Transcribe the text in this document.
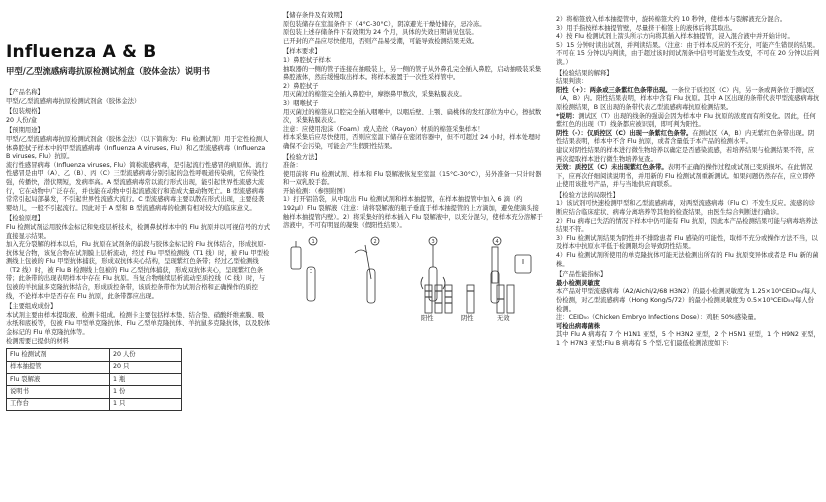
Influenza A & B
甲型/乙型流感病毒抗原检测试剂盒（胶体金法）说明书

【产品名称】

甲型/乙型流感病毒抗原检测试剂盒（胶体金法）

【包装规格】

20 人份/盒

【预期用途】

甲型/乙型流感病毒抗原检测试剂盒（胶体金法）（以下简称为：Flu 检测试剂）用于定性检测人体鼻腔拭子样本中的甲型流感病毒（Influenza A viruses, Flu）和乙型流感病毒（Influenza B viruses, Flu）抗原。

流行性感冒病毒（Influenza viruses, Flu）简称流感病毒，是引起流行性感冒的病原体。流行性感冒是由甲（A）、乙（B）、丙（C）三型流感病毒分别引起的急性呼吸道传染病，它传染性强，传播快，潜伏期短，发病率高。A 型流感病毒常以流行形式出现，能引起世界性流感大流行，它在动物中广泛存在，并也能在动物中引起流感流行和造成大量动物死亡。B 型流感病毒常常引起局部暴发，不引起世界性流感大流行。C 型流感病毒主要以散在形式出现，主要侵袭婴幼儿，一般不引起流行。因此对于 A 型和 B 型流感病毒的检测有相对较大的临床意义。

【检验原理】

Flu 检测试剂运用胶体金标记和免疫层析技术，检测鼻拭样本中的 Flu 抗原并以可视信号的方式直接显示结果。

加入充分裂解的样本以后，Flu 抗原在试剂条的前段与胶体金标记的 Flu 抗体结合，形成抗原-抗体复合物，该复合物在试剂膜上层析流动，经过 Flu 甲型检测线（T1 线）时，被 Flu 甲型检测线上包被的 Flu 甲型抗体捕获，形成双抗体夹心结构，呈现紫红色条带；经过乙型检测线（T2 线）时，被 Flu B 检测线上包被的 Flu 乙型抗体捕获，形成双抗体夹心，呈现紫红色条带；此条带的出现表明样本中存在 Flu 抗原。当复合物继续层析流动至质控线（C 线）时，与包被的羊抗鼠多克隆抗体结合，形成质控条带，该质控条带作为试剂合格和正确操作的质控线，不论样本中是否存在 Flu 抗原，此条带都应出现。

【主要组成成份】

本试剂主要由样本提取液、检测卡组成。检测卡主要包括样本垫、结合垫、硝酸纤维素膜、吸水纸和底板等，包被 Flu 甲型单克隆抗体、Flu 乙型单克隆抗体、羊抗鼠多克隆抗体，以及胶体金标记的 Flu 单克隆抗体等。

检测需要已提供的材料

Flu 检测试剂	20 人份
样本抽提管	20 只
Flu 裂解液	1 瓶
说明书	1 份
工作台	1 只

【储存条件及有效期】

原包装储存在室温条件下（4°C-30°C），阴凉避光干燥处储存，忌冷冻。

原包装上述存储条件下有效期为 24 个月，具体的失效日期请见包装。

已开封的产品应尽快使用，否则产品易受潮，可能导致检测结果无效。

【样本要求】

1）鼻腔拭子样本

抽取器的一侧的管子连接在抽吸装上，另一侧的管子从外鼻孔完全插入鼻腔，启动抽吸装采集鼻腔液体，然后缓慢取出样本。将样本液置于一次性采样管中。

2）鼻腔拭子

用灭菌过的棉签完全插入鼻腔中，摩擦鼻甲数次，采集粘膜表皮。

3）咽喉拭子

用灭菌过的棉签从口腔完全插入咽喉中，以咽后壁、上颚、扁桃体的发红部位为中心，擦拭数次，采集粘膜表皮。

注意：应使用泡沫（Foam）或人造丝（Rayon）材质的棉签采集样本！

样本采集后应尽快使用，否则应室温下储存在密闭容器中，但不可超过 24 小时，样本处理时确保不会污染，可能会产生假阳性结果。

【检验方法】

准备：

使用前将 Flu 检测试剂、样本和 Flu 裂解液恢复至室温（15°C-30°C），另外准备一只计时器和一双乳胶手套。

开始检测：（参照附图）

1）打开铝箔袋，从中取出 Flu 检测试剂和样本抽提管，在样本抽提管中加入 6 滴（约 192μl）Flu 裂解液（注意：请将裂解液的瓶子垂直于样本抽提管的上方滴加，避免使滴头接触样本抽提管内壁）。2）将采集好的样本插入 Flu 裂解液中，以充分混匀，使样本充分溶解于溶液中，不可有明显的凝集（假阳性结果）。

1	2	3	4
阳性	阴性	无效

2）将棉签放入样本抽提管中，旋转棉签大约 10 秒钟，使样本与裂解液充分混合。

3）用手指按样本抽提管壁，尽量挤干棉签上的液体后将其取出。

4）按 Flu 检测试剂上箭头所示方向将其插入样本抽提管，浸入混合液中并开始计时。

5）15 分钟时读出试剂，并判读结果。（注意：由于样本反应的不充分，可能产生错误的结果。不可在 15 分钟以内判读，由于超过该时间试剂条中信号可能发生改变，不可在 20 分钟以后判读。）

【检验结果的解释】

结果判读：

阳性（+）：两条或三条紫红色条带出现。一条位于质控区（C）内，另一条或两条位于测试区（A，B）内。阳性结果表明，样本中含有 Flu 抗原。其中 A 区出现的条带代表甲型流感病毒抗原检测结果，B 区出现的条带代表乙型流感病毒抗原检测结果。

*说明：测试区（T）出现的线条的强弱会因为样本中 Flu 抗原的浓度而有所变化。因此，任何紫红色的出现（T）线条都应被识别，即可判为阳性。

阴性（-）：仅质控区（C）出现一条紫红色条带。在测试区（A，B）内无紫红色条带出现。阴性结果表明，样本中不含 Flu 抗原，或者含量低于本产品的检测水平。

建议对阴性结果的样本进行微生物培养以确定是否感染流感，若培养结果与检测结果不符，应再次提取样本进行微生物培养复查。

无效：质控区（C）未出现紫红色条带。表明不正确的操作过程或试剂已变质损坏。在此情况下，应再次仔细阅读说明书，并用新的 Flu 检测试剂重新测试。如果问题仍然存在，应立即停止使用该批号产品，并与当地供应商联系。

【检验方法的局限性】

1）该试剂可快速检测甲型和乙型流感病毒，对两型流感病毒（Flu C）不发生反应。流感的诊断应结合临床症状、病毒分离培养等其他的检查结果，由医生综合判断进行确诊。

2）Flu 病毒已失活的情况下样本中仍可能有 Flu 抗原，因此本产品检测结果可能与病毒培养法结果不符。

3）Flu 检测试剂结果为阴性并不排除患者 Flu 感染的可能性，取样不充分或操作方法不当，以及样本中抗原水平低于检测限均会导致阴性结果。

4）Flu 检测试剂所使用的单克隆抗体可能无法检测出所有的 Flu 抗原变异体或者是 Flu 新的菌株。

【产品性能指标】

最小检测灵敏度

本产品对甲型流感病毒（A2/Aichi/2/68 H3N2）的最小检测灵敏度为 1.25×10⁵CEID₅₀/每人份检测，对乙型流感病毒（Hong Kong/5/72）的最小检测灵敏度为 0.5×10⁵CEID₅₀/每人份检测。

注：CEID₅₀（Chicken Embryo Infections Dose）：鸡胚 50%感染量。

可检出病毒菌株

其中 Flu A 病毒有 7 个 H1N1 亚型，5 个 H3N2 亚型，2 个 H5N1 亚型，1 个 H9N2 亚型，1 个 H7N3 亚型;Flu B 病毒有 5 个型,它们最低检测浓度如下:
